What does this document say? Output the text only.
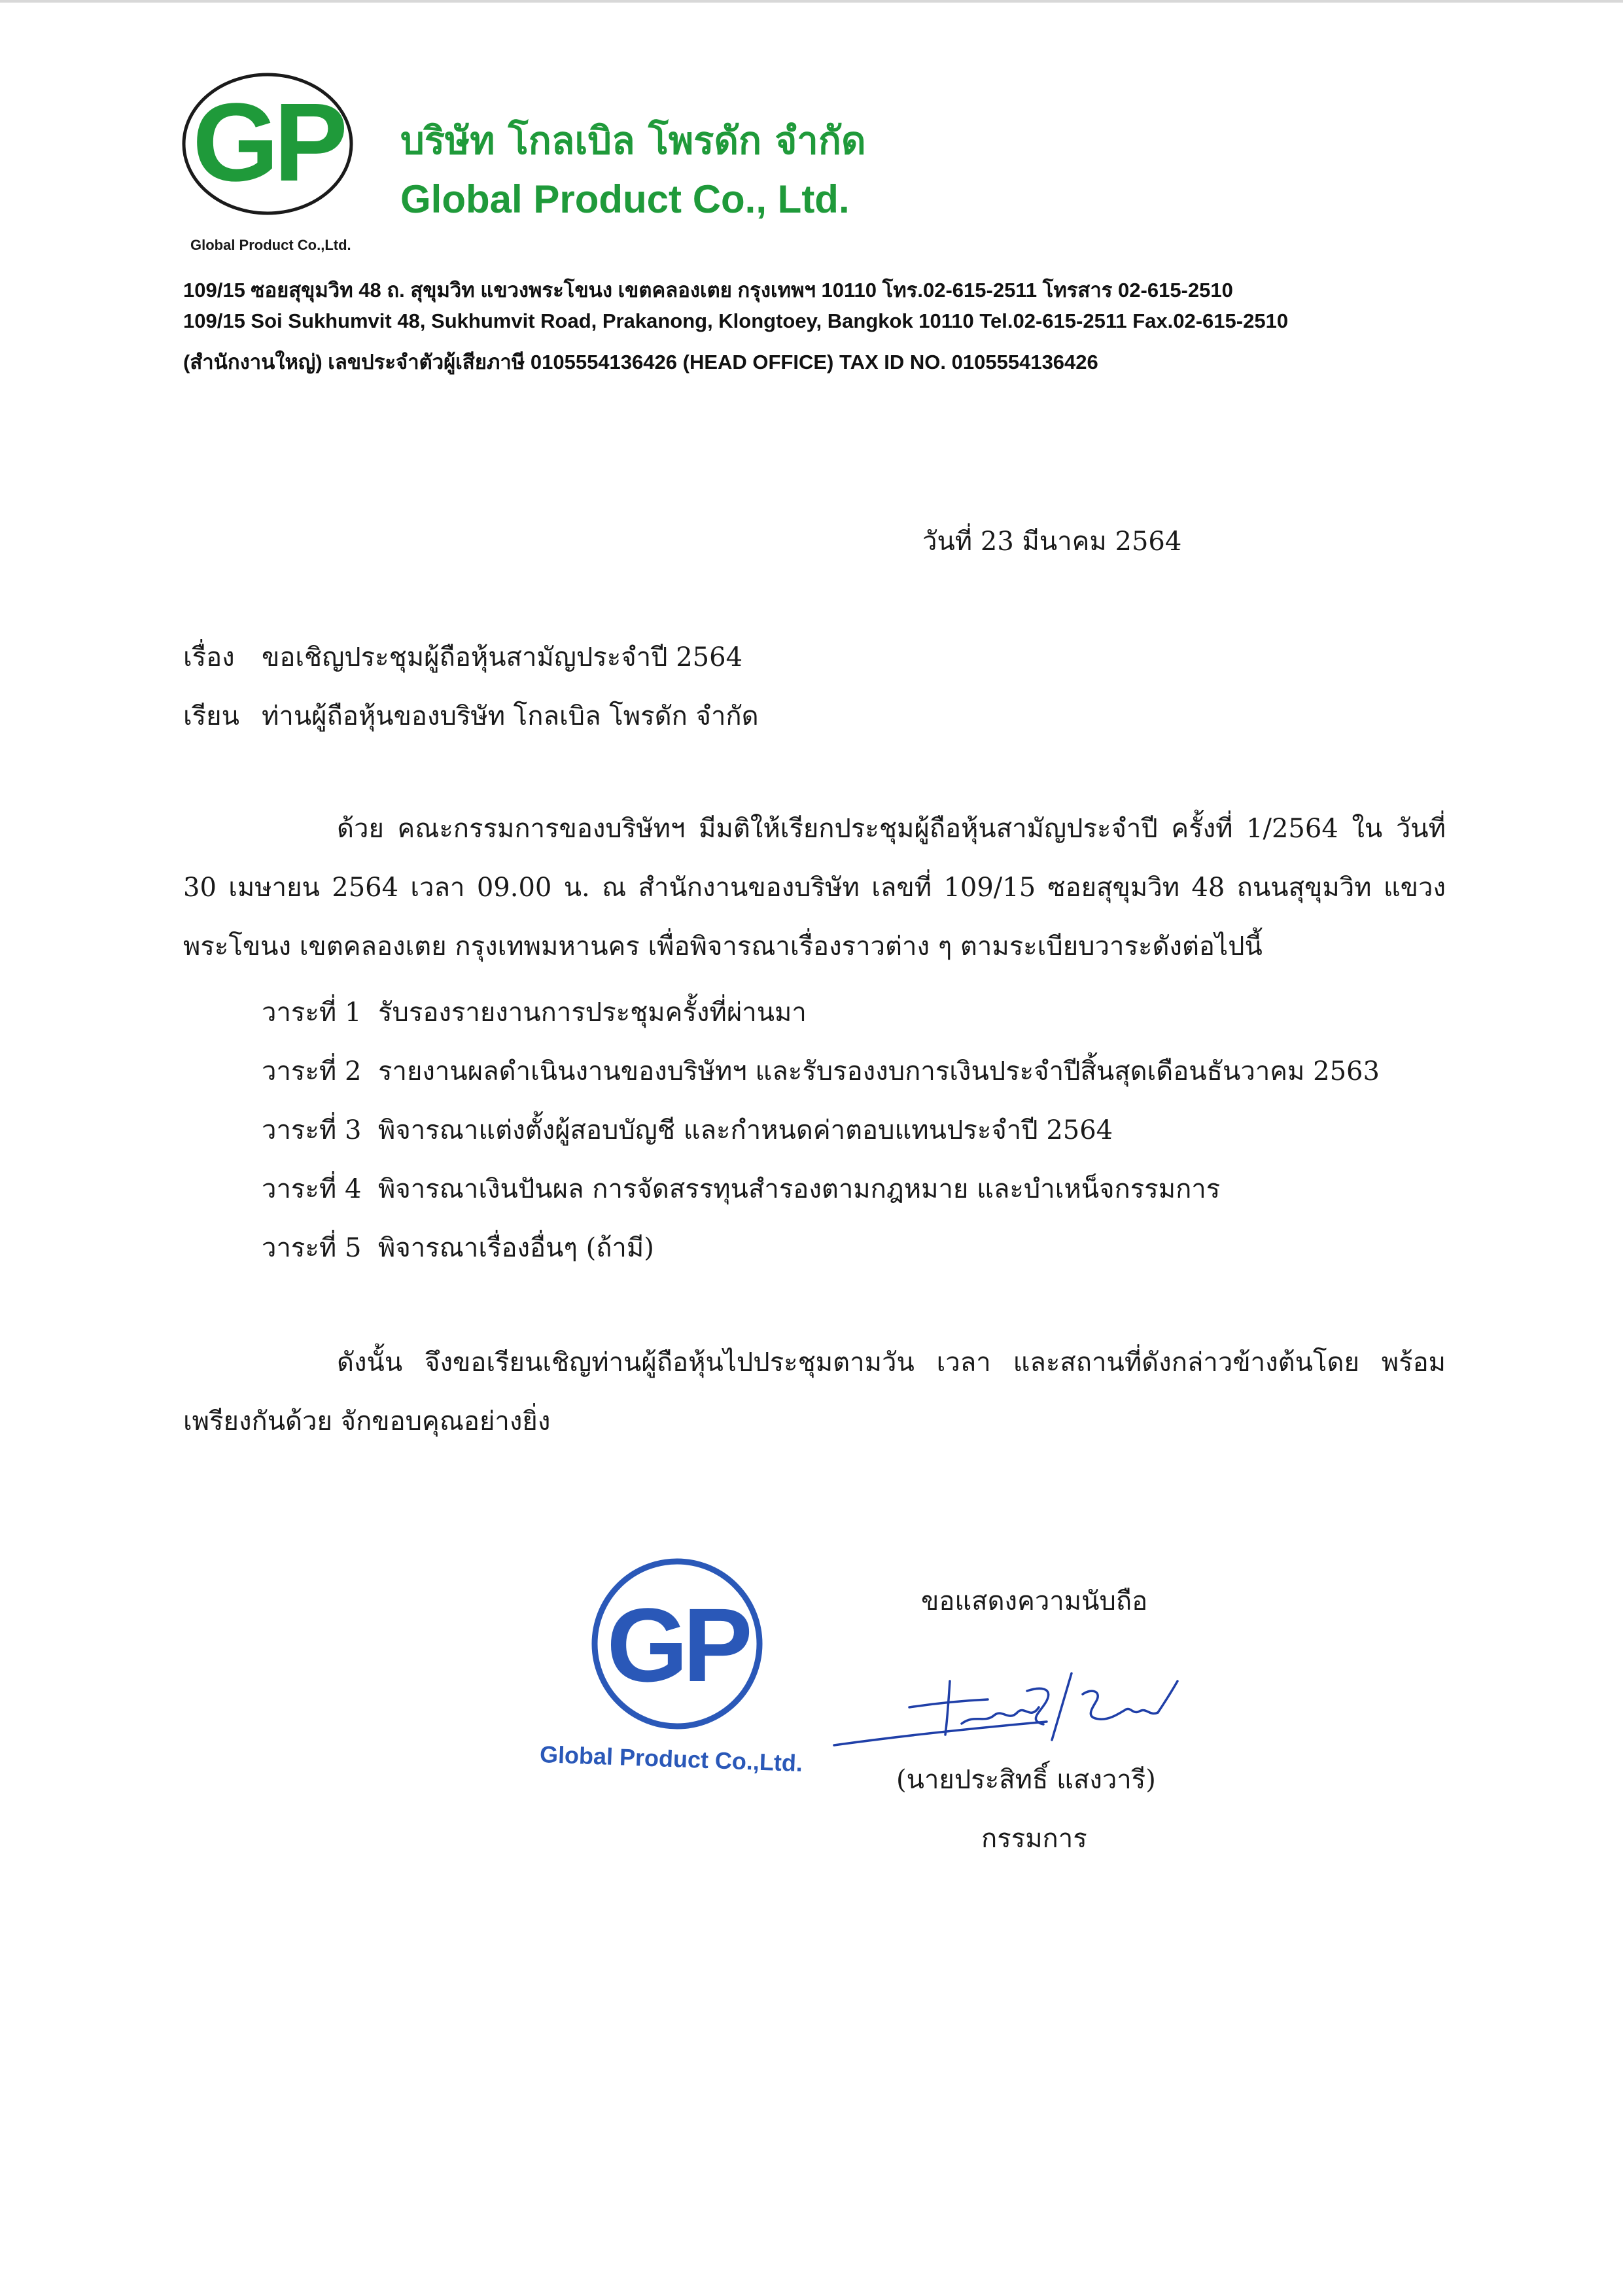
GP
Global Product Co.,Ltd.
บริษัท โกลเบิล โพรดัก จำกัด
Global Product Co., Ltd.
109/15 ซอยสุขุมวิท 48 ถ. สุขุมวิท แขวงพระโขนง เขตคลองเตย กรุงเทพฯ 10110 โทร.02-615-2511 โทรสาร 02-615-2510
109/15 Soi Sukhumvit 48, Sukhumvit Road, Prakanong, Klongtoey, Bangkok 10110 Tel.02-615-2511 Fax.02-615-2510
(สำนักงานใหญ่) เลขประจำตัวผู้เสียภาษี 0105554136426 (HEAD OFFICE) TAX ID NO. 0105554136426
วันที่ 23 มีนาคม 2564
เรื่อง ขอเชิญประชุมผู้ถือหุ้นสามัญประจำปี 2564
เรียน ท่านผู้ถือหุ้นของบริษัท โกลเบิล โพรดัก จำกัด
ด้วย คณะกรรมการของบริษัทฯ มีมติให้เรียกประชุมผู้ถือหุ้นสามัญประจำปี ครั้งที่ 1/2564 ใน วันที่ 30 เมษายน 2564 เวลา 09.00 น. ณ สำนักงานของบริษัท เลขที่ 109/15 ซอยสุขุมวิท 48 ถนนสุขุมวิท แขวงพระโขนง เขตคลองเตย กรุงเทพมหานคร เพื่อพิจารณาเรื่องราวต่าง ๆ ตามระเบียบวาระดังต่อไปนี้
วาระที่ 1 รับรองรายงานการประชุมครั้งที่ผ่านมา
วาระที่ 2 รายงานผลดำเนินงานของบริษัทฯ และรับรองงบการเงินประจำปีสิ้นสุดเดือนธันวาคม 2563
วาระที่ 3 พิจารณาแต่งตั้งผู้สอบบัญชี และกำหนดค่าตอบแทนประจำปี 2564
วาระที่ 4 พิจารณาเงินปันผล การจัดสรรทุนสำรองตามกฎหมาย และบำเหน็จกรรมการ
วาระที่ 5 พิจารณาเรื่องอื่นๆ (ถ้ามี)
ดังนั้น จึงขอเรียนเชิญท่านผู้ถือหุ้นไปประชุมตามวัน เวลา และสถานที่ดังกล่าวข้างต้นโดย พร้อมเพรียงกันด้วย จักขอบคุณอย่างยิ่ง
GP
Global Product Co.,Ltd.
ขอแสดงความนับถือ
(นายประสิทธิ์ แสงวารี)
กรรมการ
